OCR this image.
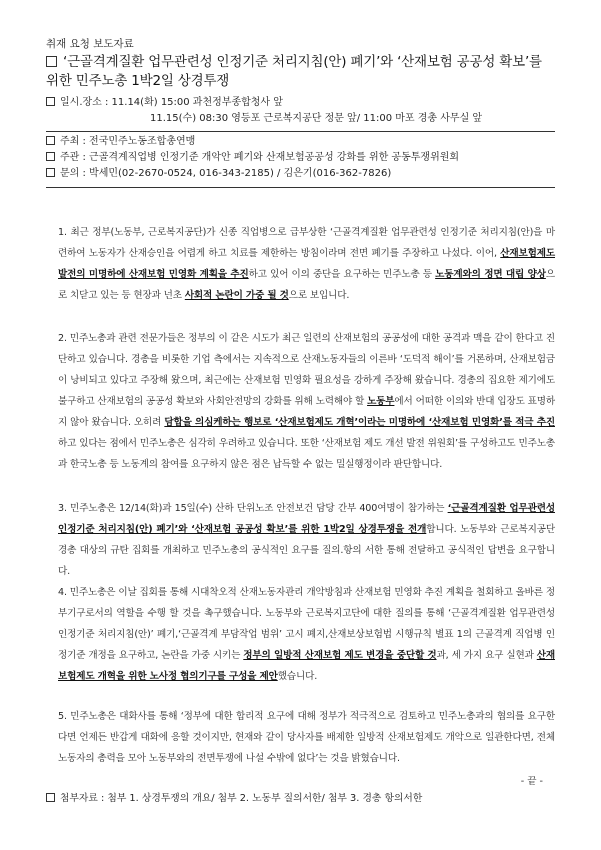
취재 요청 보도자료
‘근골격계질환 업무관련성 인정기준 처리지침(안) 폐기’와 ‘산재보험 공공성 확보’를 위한 민주노총 1박2일 상경투쟁
일시.장소 : 11.14(화) 15:00 과천정부종합청사 앞
11.15(수) 08:30 영등포 근로복지공단 정문 앞/ 11:00 마포 경총 사무실 앞
주최 : 전국민주노동조합총연맹
주관 : 근골격계직업병 인정기준 개악안 폐기와 산재보험공공성 강화를 위한 공동투쟁위원회
문의 : 박세민(02-2670-0524, 016-343-2185) / 김은기(016-362-7826)
1. 최근 정부(노동부, 근로복지공단)가 신종 직업병으로 급부상한 ‘근골격계질환 업무관련성 인정기준 처리지침(안)을 마련하여 노동자가 산재승인을 어렵게 하고 치료를 제한하는 방침이라며 전면 폐기를 주장하고 나섰다. 이어, 산재보험제도 발전의 미명하에 산재보험 민영화 계획을 추진하고 있어 이의 중단을 요구하는 민주노총 등 노동계와의 정면 대립 양상으로 치닫고 있는 등 현장과 넌초 사회적 논란이 가중 될 것으로 보입니다.
2. 민주노총과 관련 전문가들은 정부의 이 같은 시도가 최근 일련의 산재보험의 공공성에 대한 공격과 맥을 같이 한다고 진단하고 있습니다. 경총을 비롯한 기업 측에서는 지속적으로 산재노동자들의 이른바 ‘도덕적 해이’를 거론하며, 산재보험금이 낭비되고 있다고 주장해 왔으며, 최근에는 산재보험 민영화 필요성을 강하게 주장해 왔습니다. 경총의 집요한 제기에도 불구하고 산재보험의 공공성 확보와 사회안전망의 강화를 위해 노력해야 할 노동부에서 어떠한 이의와 반대 입장도 표명하지 않아 왔습니다. 오히려 담합을 의심케하는 행보로 ‘산재보험제도 개혁’이라는 미명하에 ‘산재보험 민영화’를 적극 추진하고 있다는 점에서 민주노총은 심각히 우려하고 있습니다. 또한 ‘산재보험 제도 개선 발전 위원회’를 구성하고도 민주노총과 한국노총 등 노동계의 참여를 요구하지 않은 점은 납득할 수 없는 밀실행정이라 판단합니다.
3. 민주노총은 12/14(화)과 15일(수) 산하 단위노조 안전보건 담당 간부 400여명이 참가하는 ‘근골격계질환 업무관련성 인정기준 처리지침(안) 폐기’와 ‘산재보험 공공성 확보’를 위한 1박2일 상경투쟁을 전개합니다. 노동부와 근로복지공단 경총 대상의 규탄 집회를 개최하고 민주노총의 공식적인 요구를 질의.항의 서한 통해 전달하고 공식적인 답변을 요구합니다.
4. 민주노총은 이날 집회를 통해 시대착오적 산재노동자관리 개악방침과 산재보험 민영화 추진 계획을 철회하고 올바른 정부기구로서의 역할을 수행 할 것을 촉구했습니다. 노동부와 근로복지고단에 대한 질의를 통해 ‘근골격계질환 업무관련성 인정기준 처리지침(안)’ 폐기,‘근골격계 부담작업 범위’ 고시 폐지,산재보상보험법 시행규칙 별표 1의 근골격계 직업병 인정기준 개정을 요구하고, 논란을 가중 시키는 정부의 일방적 산재보험 제도 변경을 중단할 것과, 세 가지 요구 실현과 산재보험제도 개혁을 위한 노사정 협의기구를 구성을 제안했습니다.
5. 민주노총은 대화사를 통해 ‘정부에 대한 합리적 요구에 대해 정부가 적극적으로 검토하고 민주노총과의 협의를 요구한다면 언제든 반갑게 대화에 응할 것이지만, 현재와 같이 당사자를 배제한 일방적 산재보험제도 개악으로 일관한다면, 전체노동자의 총력을 모아 노동부와의 전면투쟁에 나설 수밖에 없다’는 것을 밝혔습니다.
- 끝 -
첨부자료 : 첨부 1. 상경투쟁의 개요/ 첨부 2. 노동부 질의서한/ 첨부 3. 경총 항의서한
